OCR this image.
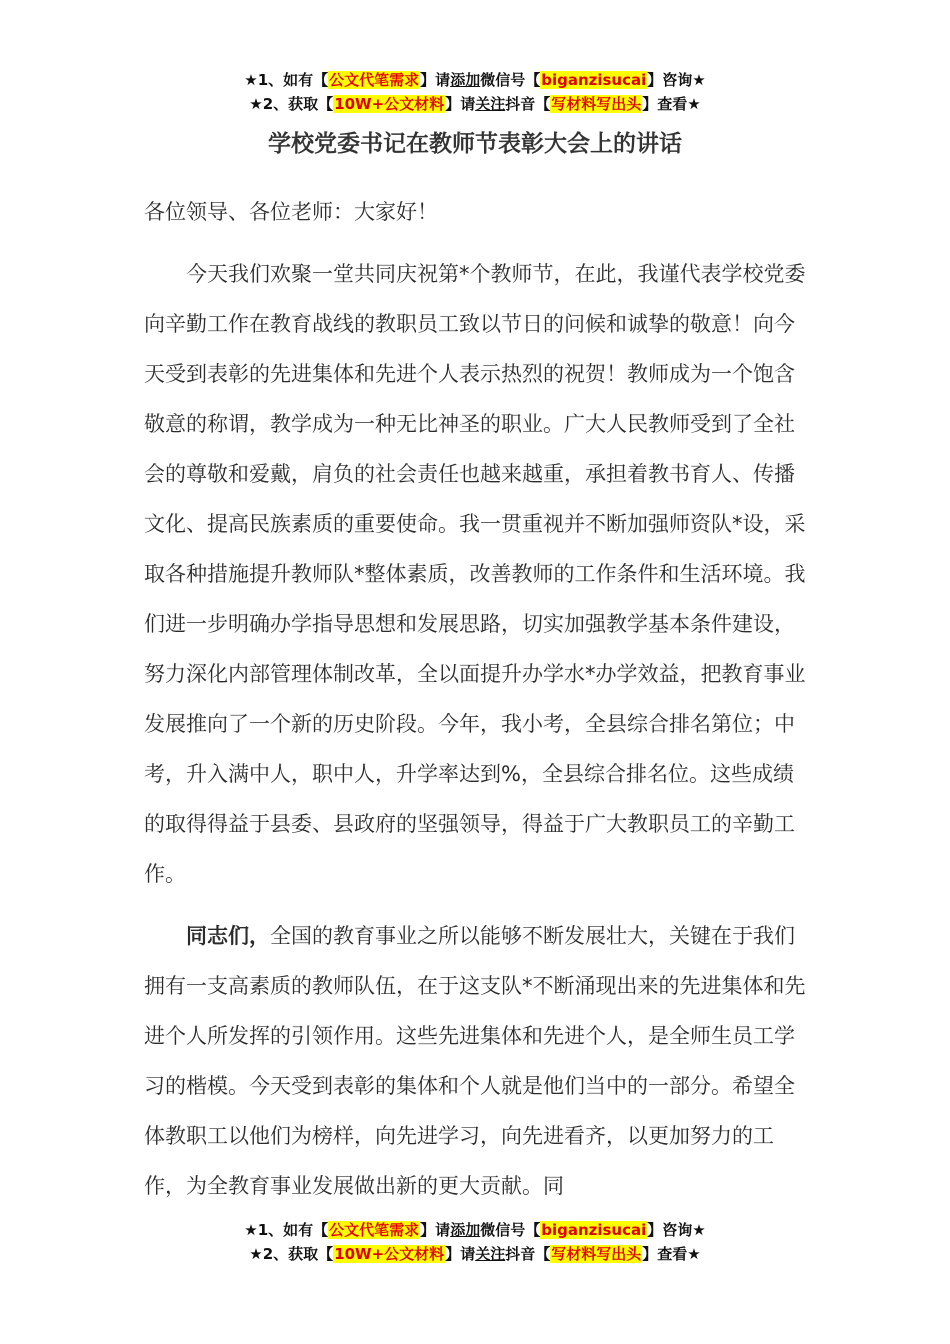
★1、如有【公文代笔需求】请添加微信号【biganzisucai】咨询★
★2、获取【10W+公文材料】请关注抖音【写材料写出头】查看★
学校党委书记在教师节表彰大会上的讲话

各位领导、各位老师：大家好！

今天我们欢聚一堂共同庆祝第*个教师节，在此，我谨代表学校党委向辛勤工作在教育战线的教职员工致以节日的问候和诚挚的敬意！向今天受到表彰的先进集体和先进个人表示热烈的祝贺！教师成为一个饱含敬意的称谓，教学成为一种无比神圣的职业。广大人民教师受到了全社会的尊敬和爱戴，肩负的社会责任也越来越重，承担着教书育人、传播文化、提高民族素质的重要使命。我一贯重视并不断加强师资队*设，采取各种措施提升教师队*整体素质，改善教师的工作条件和生活环境。我们进一步明确办学指导思想和发展思路，切实加强教学基本条件建设，努力深化内部管理体制改革，全以面提升办学水*办学效益，把教育事业发展推向了一个新的历史阶段。今年，我小考，全县综合排名第位；中考，升入满中人，职中人，升学率达到%，全县综合排名位。这些成绩的取得得益于县委、县政府的坚强领导，得益于广大教职员工的辛勤工作。

同志们，全国的教育事业之所以能够不断发展壮大，关键在于我们拥有一支高素质的教师队伍，在于这支队*不断涌现出来的先进集体和先进个人所发挥的引领作用。这些先进集体和先进个人，是全师生员工学习的楷模。今天受到表彰的集体和个人就是他们当中的一部分。希望全体教职工以他们为榜样，向先进学习，向先进看齐，以更加努力的工作，为全教育事业发展做出新的更大贡献。同

★1、如有【公文代笔需求】请添加微信号【biganzisucai】咨询★
★2、获取【10W+公文材料】请关注抖音【写材料写出头】查看★
